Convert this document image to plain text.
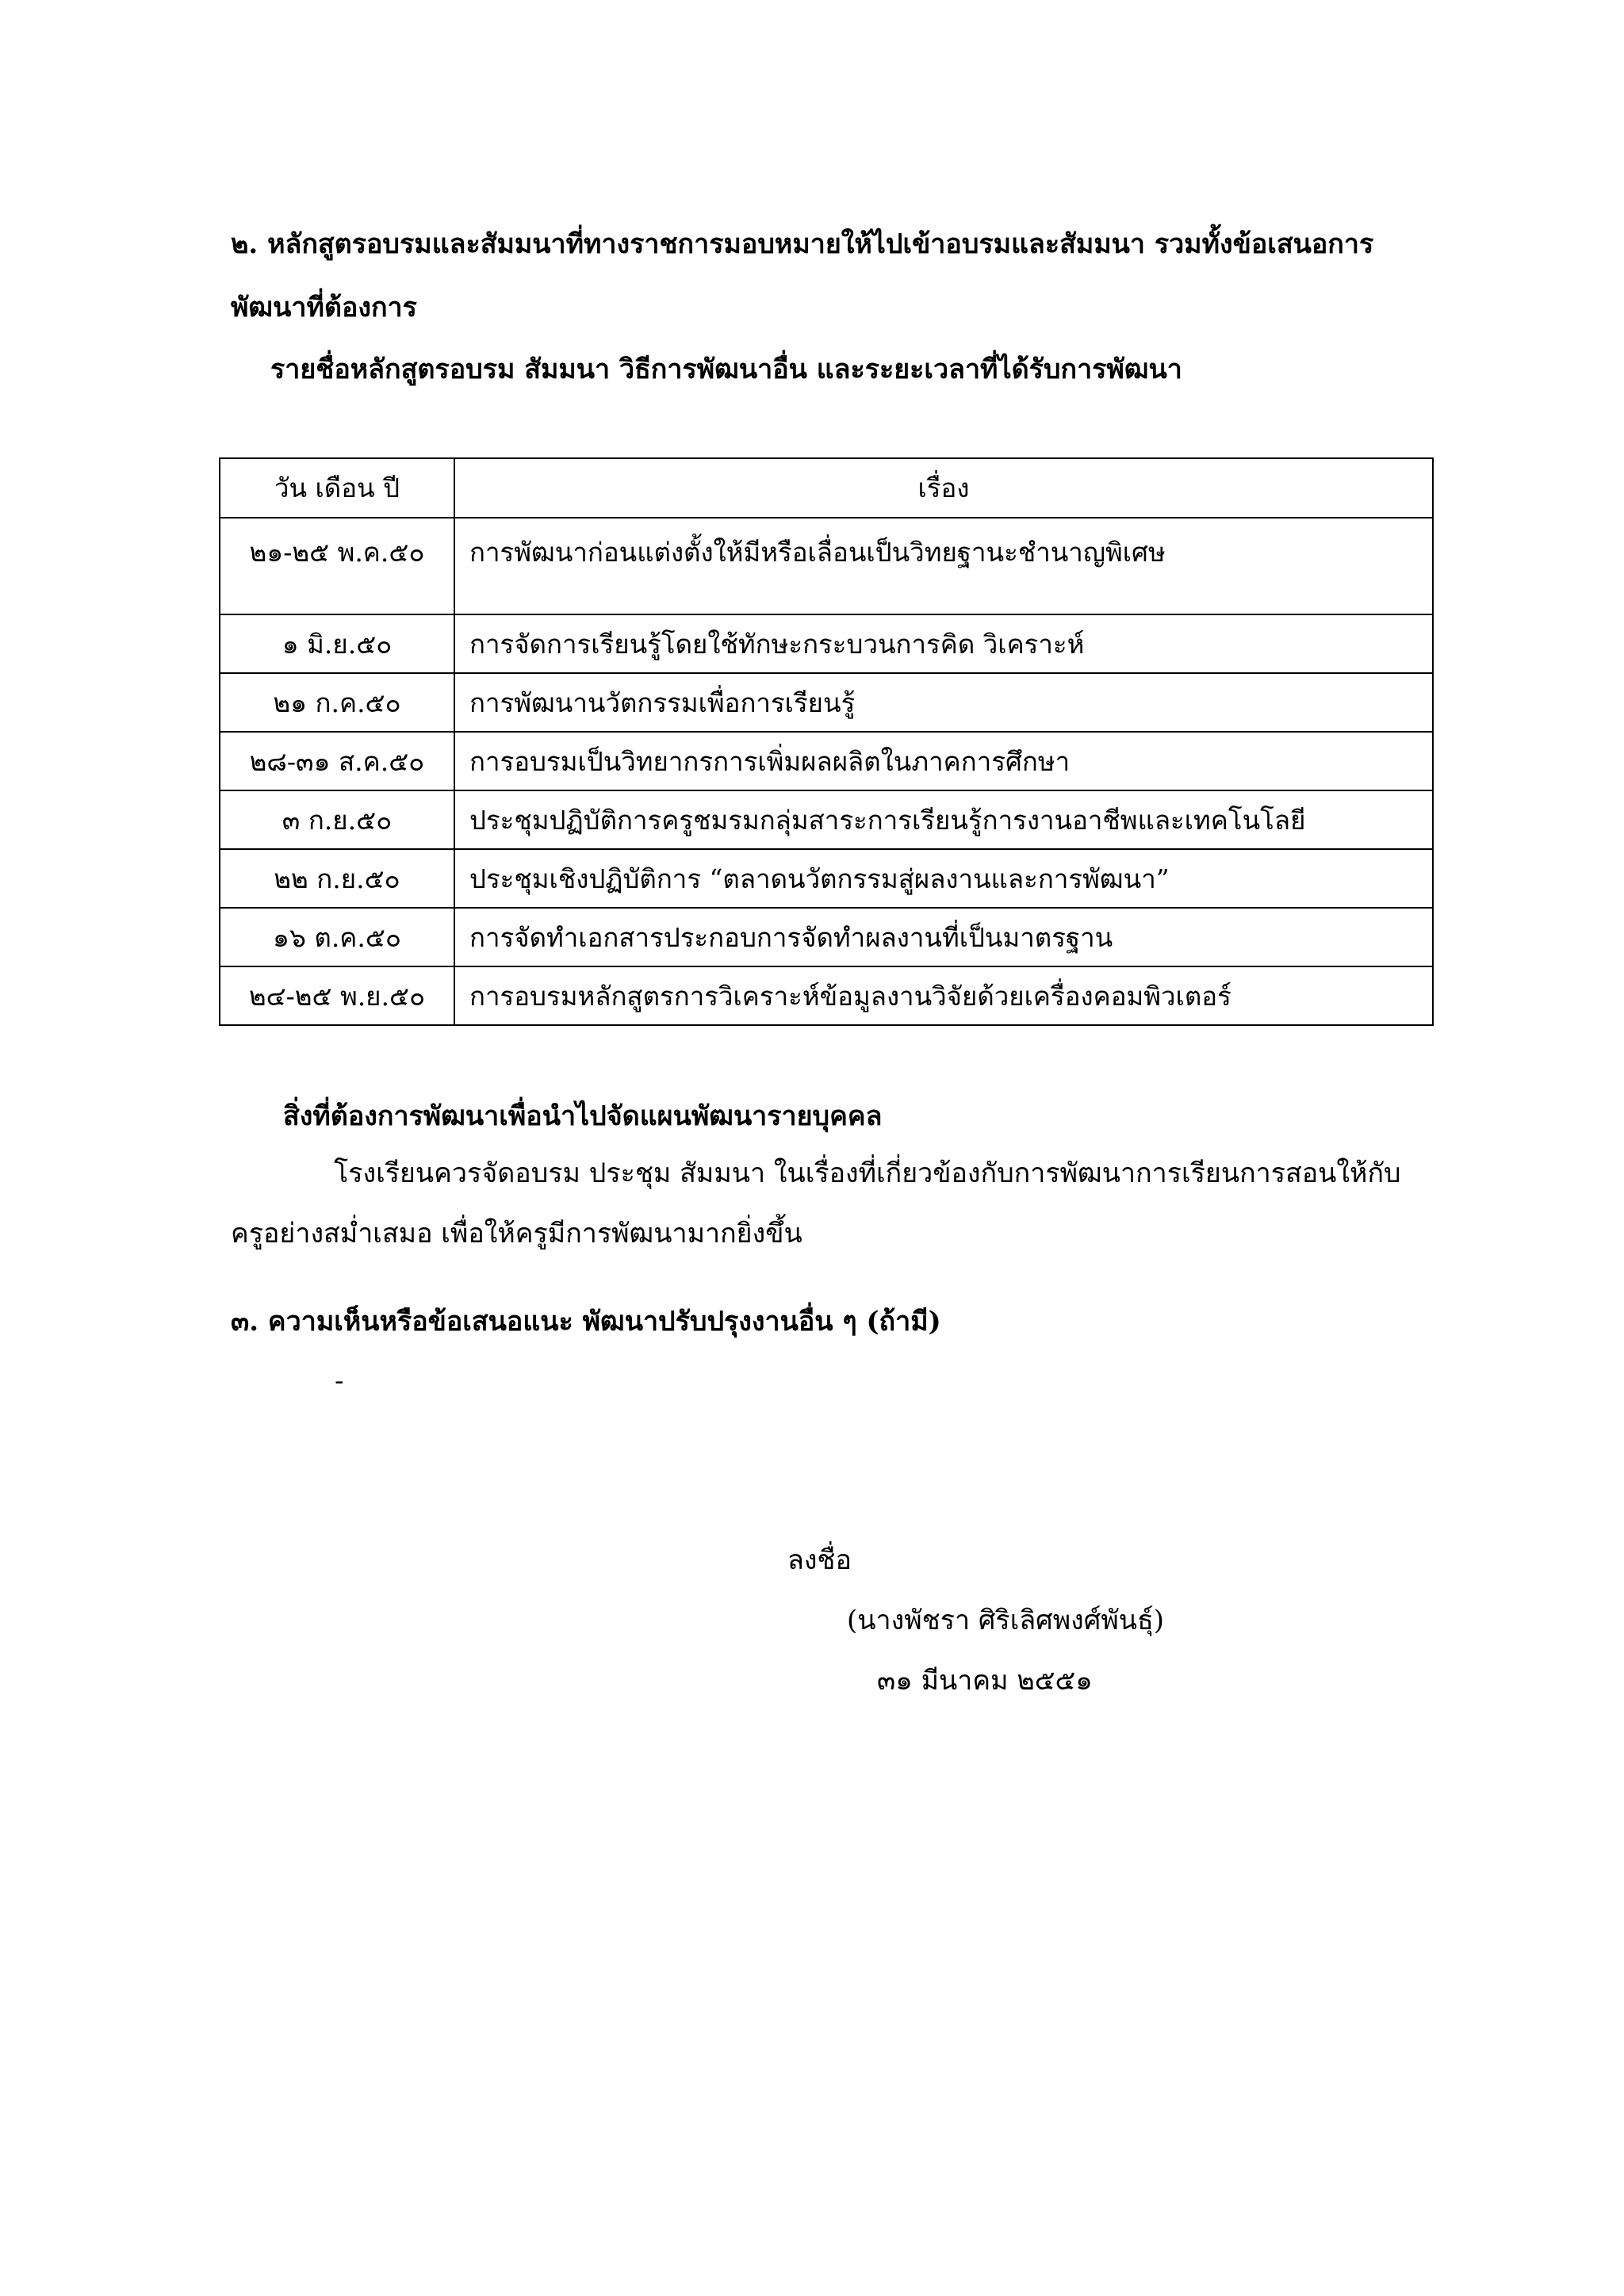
๒. หลักสูตรอบรมและสัมมนาที่ทางราชการมอบหมายให้ไปเข้าอบรมและสัมมนา รวมทั้งข้อเสนอการ
พัฒนาที่ต้องการ
รายชื่อหลักสูตรอบรม สัมมนา วิธีการพัฒนาอื่น และระยะเวลาที่ได้รับการพัฒนา
วัน เดือน ปี	เรื่อง
๒๑-๒๕ พ.ค.๕๐	การพัฒนาก่อนแต่งตั้งให้มีหรือเลื่อนเป็นวิทยฐานะชำนาญพิเศษ
๑ มิ.ย.๕๐	การจัดการเรียนรู้โดยใช้ทักษะกระบวนการคิด วิเคราะห์
๒๑ ก.ค.๕๐	การพัฒนานวัตกรรมเพื่อการเรียนรู้
๒๘-๓๑ ส.ค.๕๐	การอบรมเป็นวิทยากรการเพิ่มผลผลิตในภาคการศึกษา
๓ ก.ย.๕๐	ประชุมปฏิบัติการครูชมรมกลุ่มสาระการเรียนรู้การงานอาชีพและเทคโนโลยี
๒๒ ก.ย.๕๐	ประชุมเชิงปฏิบัติการ “ตลาดนวัตกรรมสู่ผลงานและการพัฒนา”
๑๖ ต.ค.๕๐	การจัดทำเอกสารประกอบการจัดทำผลงานที่เป็นมาตรฐาน
๒๔-๒๕ พ.ย.๕๐	การอบรมหลักสูตรการวิเคราะห์ข้อมูลงานวิจัยด้วยเครื่องคอมพิวเตอร์
สิ่งที่ต้องการพัฒนาเพื่อนำไปจัดแผนพัฒนารายบุคคล
โรงเรียนควรจัดอบรม ประชุม สัมมนา ในเรื่องที่เกี่ยวข้องกับการพัฒนาการเรียนการสอนให้กับ
ครูอย่างสม่ำเสมอ เพื่อให้ครูมีการพัฒนามากยิ่งขึ้น
๓. ความเห็นหรือข้อเสนอแนะ พัฒนาปรับปรุงงานอื่น ๆ (ถ้ามี)
-
ลงชื่อ
(นางพัชรา ศิริเลิศพงศ์พันธุ์)
๓๑ มีนาคม ๒๕๕๑
